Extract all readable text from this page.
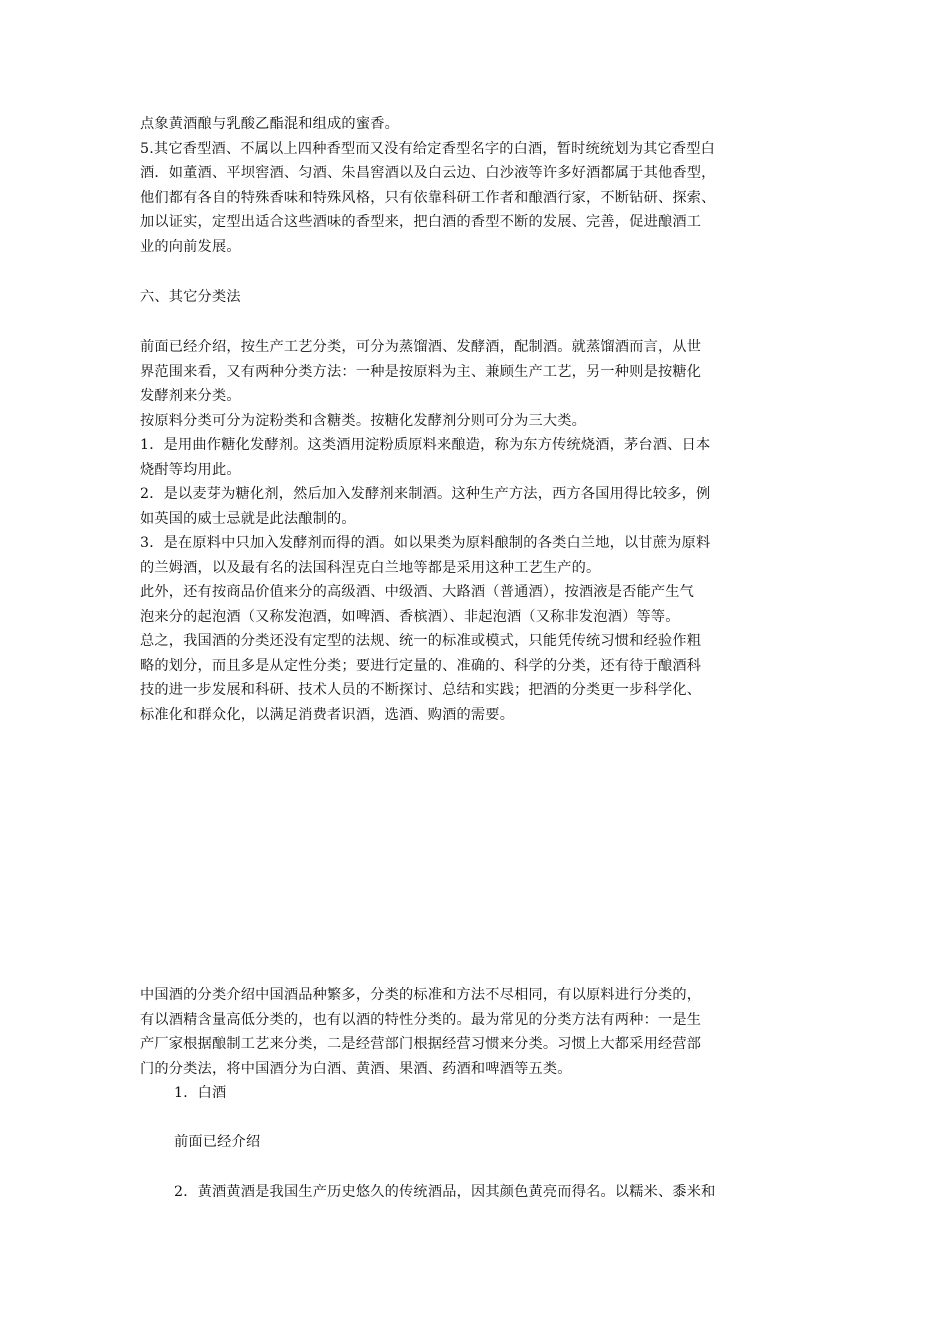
点象黄酒酿与乳酸乙酯混和组成的蜜香。
5.其它香型酒、不属以上四种香型而又没有给定香型名字的白酒，暂时统统划为其它香型白
酒．如董酒、平坝窖酒、匀酒、朱昌窖酒以及白云边、白沙液等许多好酒都属于其他香型，
他们都有各自的特殊香味和特殊风格，只有依靠科研工作者和酿酒行家，不断钻研、探索、
加以证实，定型出适合这些酒味的香型来，把白酒的香型不断的发展、完善，促进酿酒工
业的向前发展。
六、其它分类法
前面已经介绍，按生产工艺分类，可分为蒸馏酒、发酵酒，配制酒。就蒸馏酒而言，从世
界范围来看，又有两种分类方法：一种是按原料为主、兼顾生产工艺，另一种则是按糖化
发酵剂来分类。
按原料分类可分为淀粉类和含糖类。按糖化发酵剂分则可分为三大类。
1．是用曲作糖化发酵剂。这类酒用淀粉质原料来酿造，称为东方传统烧酒，茅台酒、日本
烧酎等均用此。
2．是以麦芽为糖化剂，然后加入发酵剂来制酒。这种生产方法，西方各国用得比较多，例
如英国的威士忌就是此法酿制的。
3．是在原料中只加入发酵剂而得的酒。如以果类为原料酿制的各类白兰地，以甘蔗为原料
的兰姆酒，以及最有名的法国科涅克白兰地等都是采用这种工艺生产的。
此外，还有按商品价值来分的高级酒、中级酒、大路酒（普通酒），按酒液是否能产生气
泡来分的起泡酒（又称发泡酒，如啤酒、香槟酒）、非起泡酒（又称非发泡酒）等等。
总之，我国酒的分类还没有定型的法规、统一的标准或模式，只能凭传统习惯和经验作粗
略的划分，而且多是从定性分类；要进行定量的、准确的、科学的分类，还有待于酿酒科
技的进一步发展和科研、技术人员的不断探讨、总结和实践；把酒的分类更一步科学化、
标准化和群众化，以满足消费者识酒，选酒、购酒的需要。
中国酒的分类介绍中国酒品种繁多，分类的标准和方法不尽相同，有以原料进行分类的，
有以酒精含量高低分类的，也有以酒的特性分类的。最为常见的分类方法有两种：一是生
产厂家根据酿制工艺来分类，二是经营部门根据经营习惯来分类。习惯上大都采用经营部
门的分类法，将中国酒分为白酒、黄酒、果酒、药酒和啤酒等五类。
1．白酒
前面已经介绍
2．黄酒黄酒是我国生产历史悠久的传统酒品，因其颜色黄亮而得名。以糯米、黍米和
